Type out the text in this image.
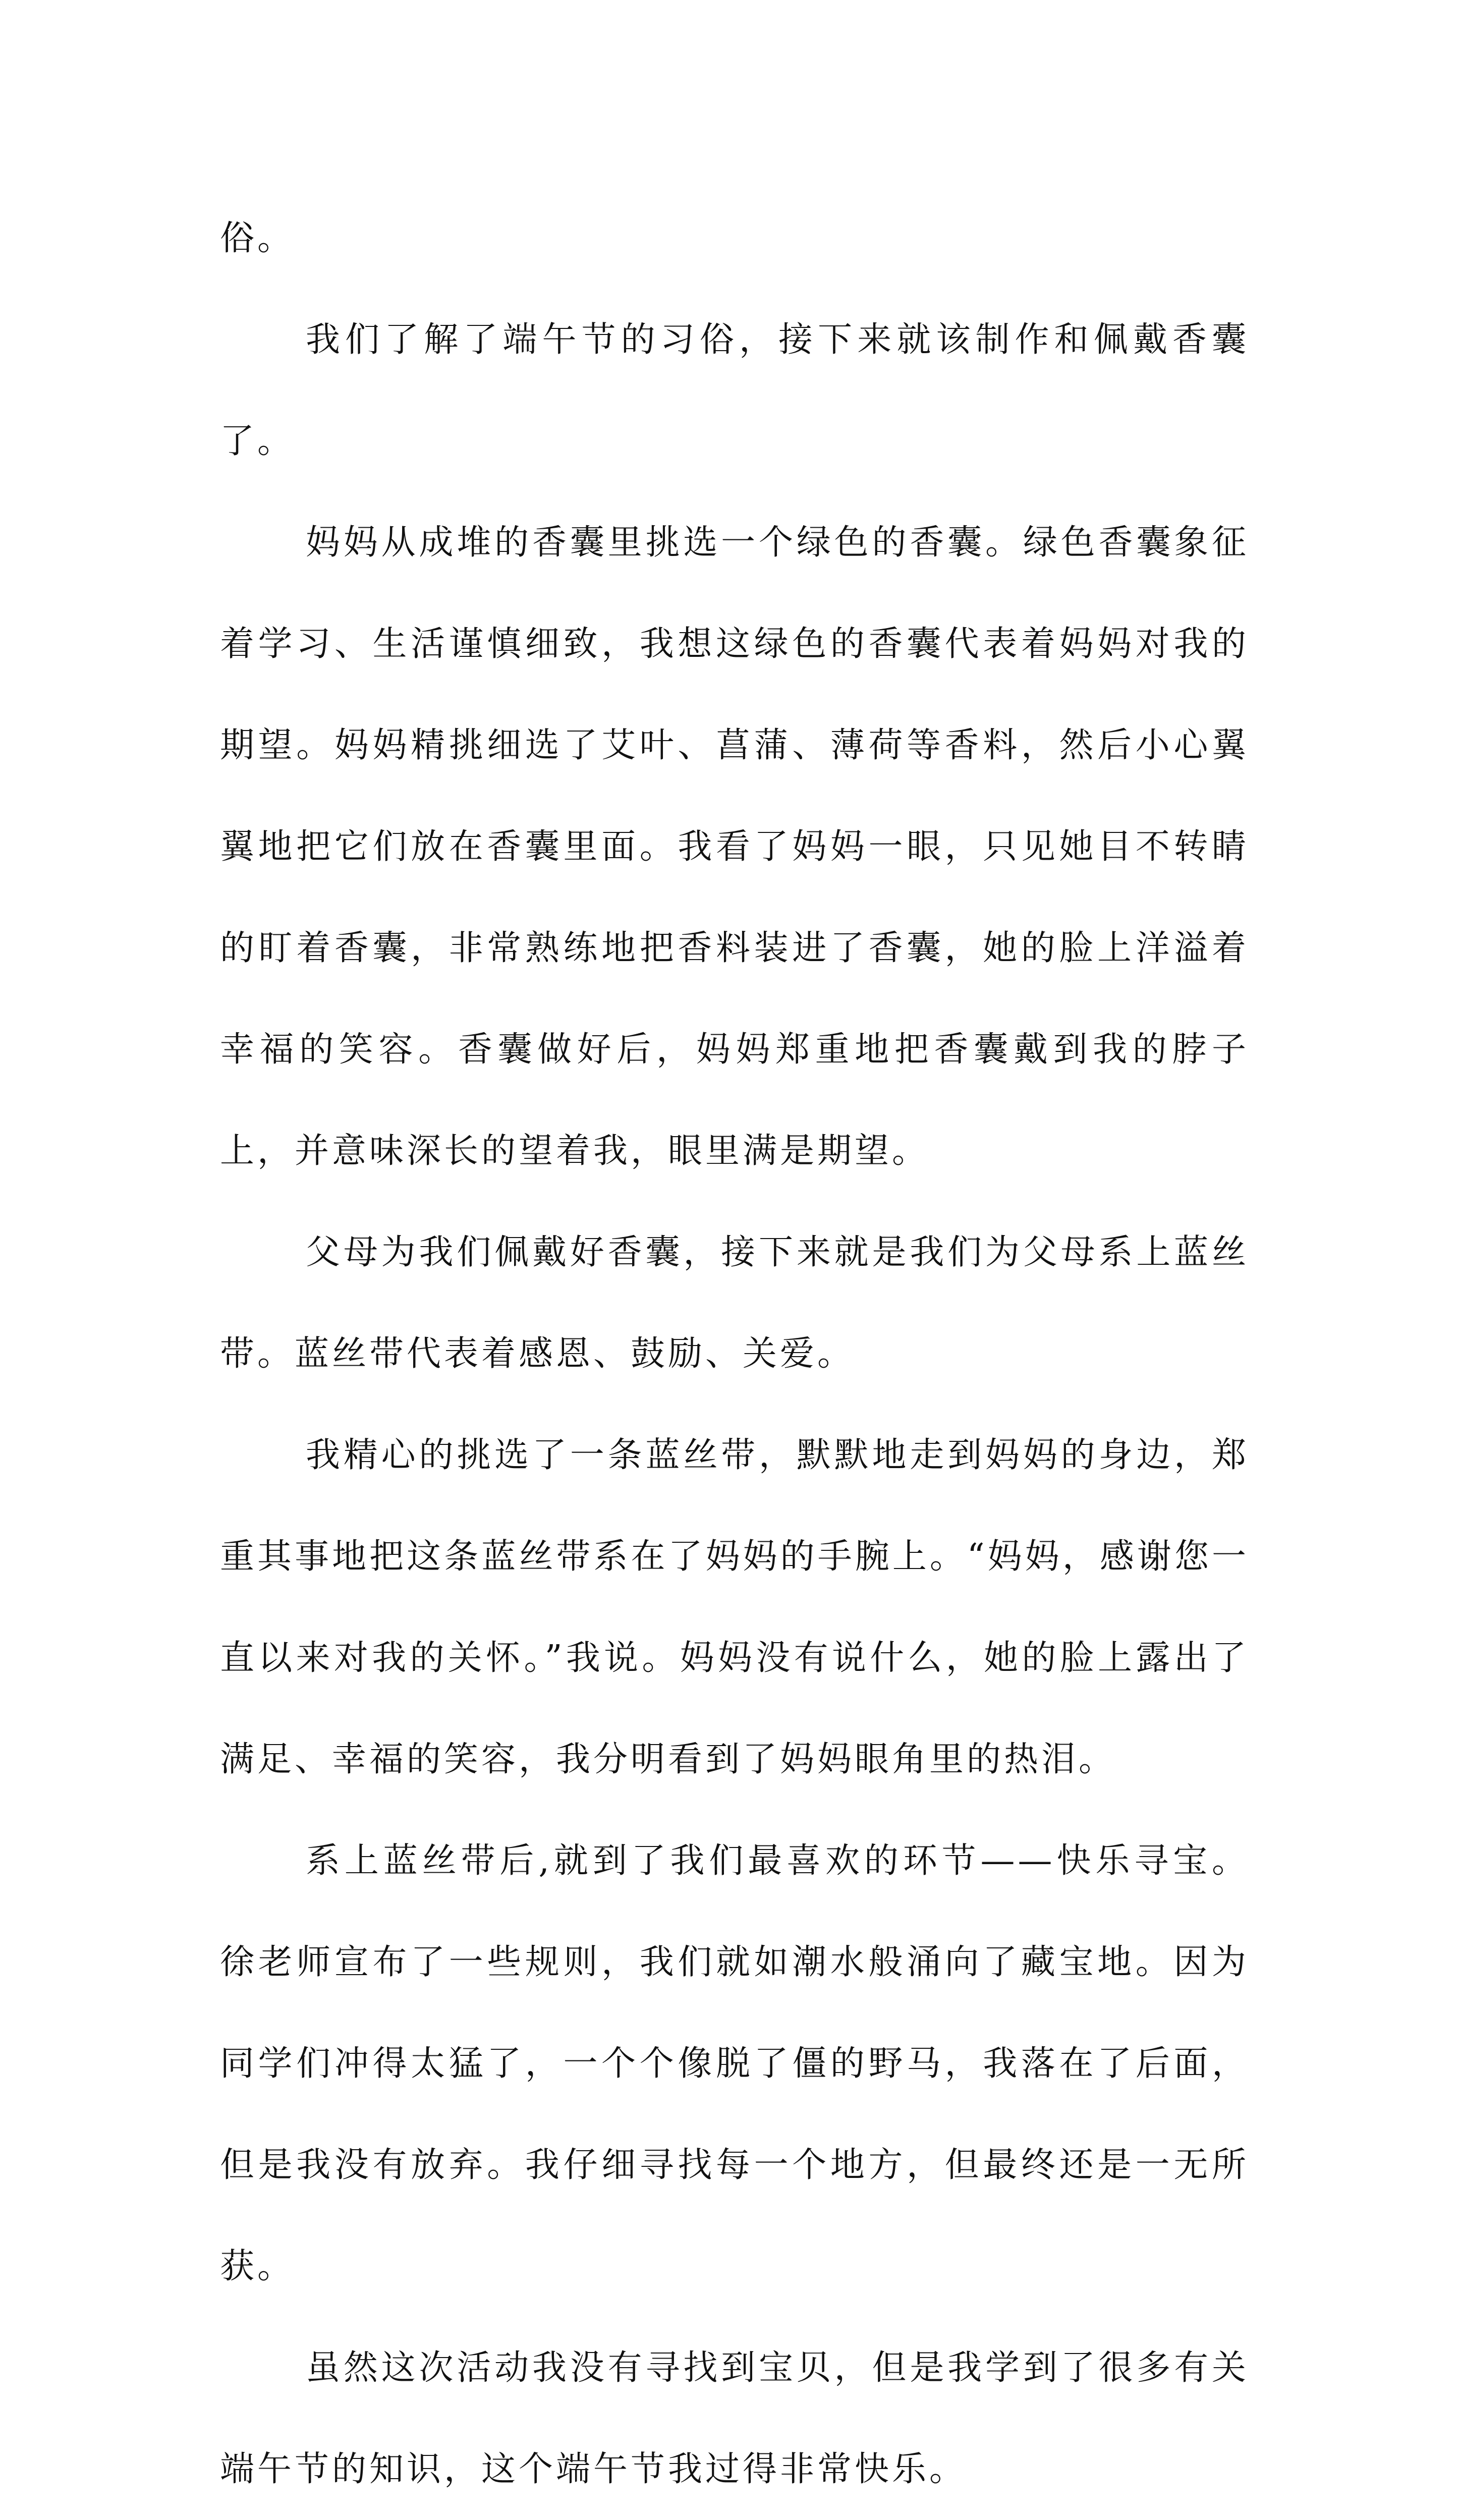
俗。

我们了解了端午节的习俗，接下来就该制作和佩戴香囊了。

妈妈从成堆的香囊里挑选一个绿色的香囊。绿色香囊象征着学习、生活谨慎细致，我想这绿色的香囊代表着妈妈对我的期望。妈妈精挑细选了艾叶、菖蒲、薄荷等香料，然后小心翼翼地把它们放在香囊里面。我看了妈妈一眼，只见她目不转睛的盯着香囊，非常熟练地把香料装进了香囊，她的脸上洋溢着幸福的笑容。香囊做好后，妈妈郑重地把香囊戴到我的脖子上，并意味深长的望着我，眼里满是期望。

父母为我们佩戴好香囊，接下来就是我们为父母系上蓝丝带。蓝丝带代表着感恩、鼓励、关爱。

我精心的挑选了一条蓝丝带，默默地走到妈妈的身边，郑重其事地把这条蓝丝带系在了妈妈的手腕上。“妈妈，感谢您一直以来对我的关怀。”我说。妈妈没有说什么，她的脸上露出了满足、幸福的笑容，我分明看到了妈妈眼角里的热泪。

系上蓝丝带后,就到了我们最喜欢的环节——快乐寻宝。徐老师宣布了一些规则，我们就如潮水般涌向了藏宝地。因为同学们冲得太猛了，一个个像脱了僵的野马，我落在了后面，但是我没有放弃。我仔细寻找每一个地方，但最终还是一无所获。

虽然这次活动我没有寻找到宝贝，但是我学到了很多有关端午节的知识，这个端午节我过得非常快乐。
